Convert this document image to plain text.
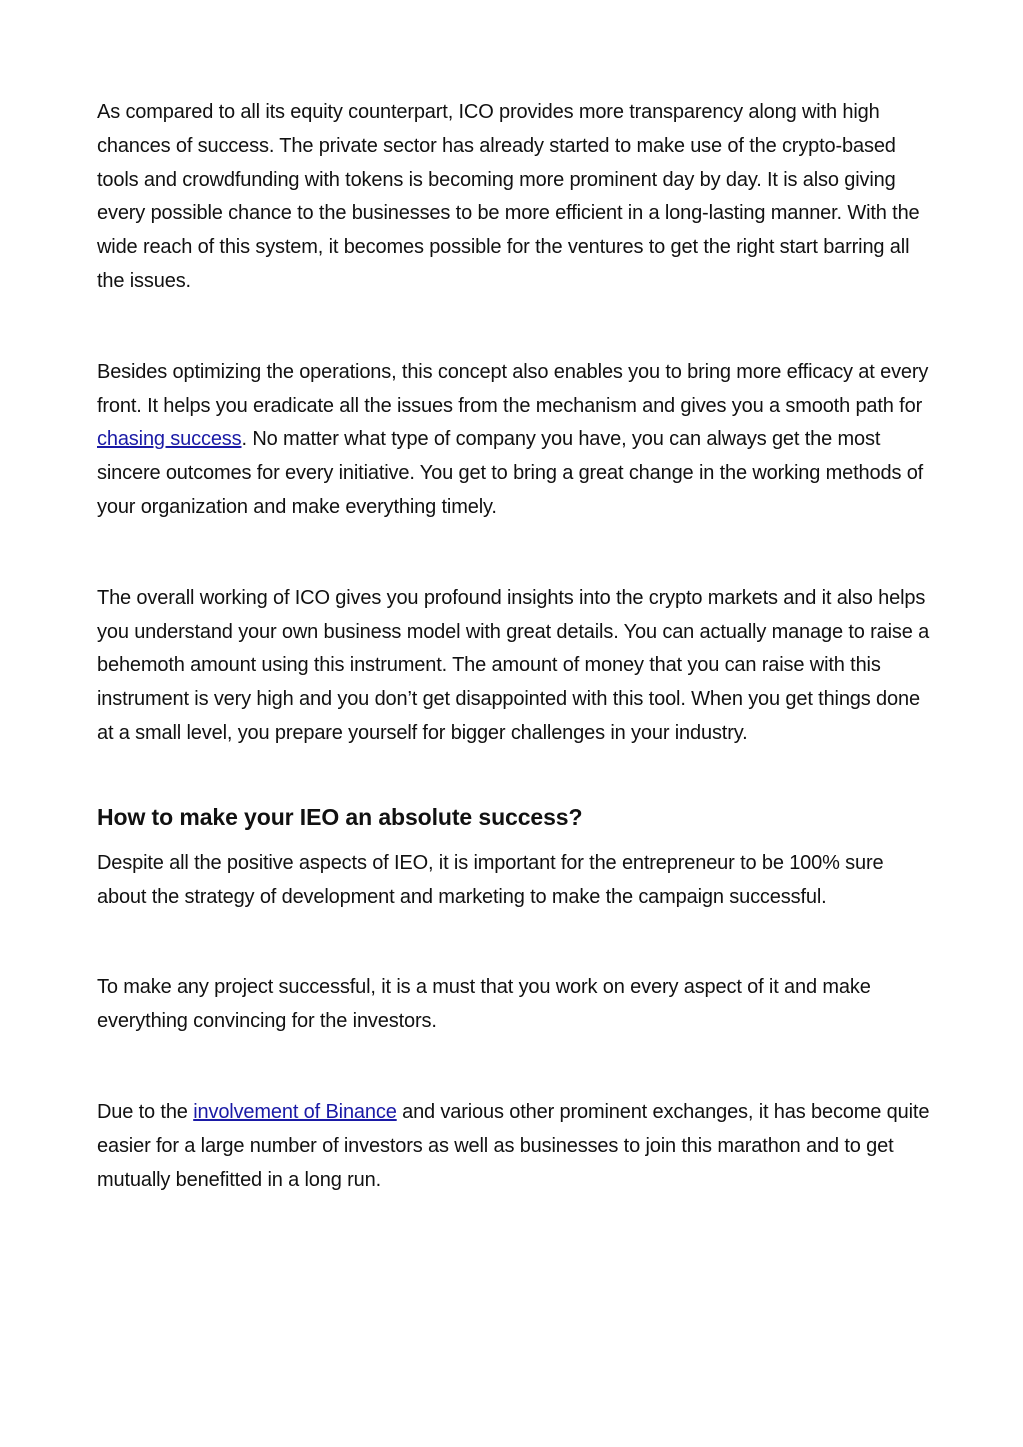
As compared to all its equity counterpart, ICO provides more transparency along with high chances of success. The private sector has already started to make use of the crypto-based tools and crowdfunding with tokens is becoming more prominent day by day. It is also giving every possible chance to the businesses to be more efficient in a long-lasting manner. With the wide reach of this system, it becomes possible for the ventures to get the right start barring all the issues.

Besides optimizing the operations, this concept also enables you to bring more efficacy at every front. It helps you eradicate all the issues from the mechanism and gives you a smooth path for chasing success. No matter what type of company you have, you can always get the most sincere outcomes for every initiative. You get to bring a great change in the working methods of your organization and make everything timely.

The overall working of ICO gives you profound insights into the crypto markets and it also helps you understand your own business model with great details. You can actually manage to raise a behemoth amount using this instrument. The amount of money that you can raise with this instrument is very high and you don’t get disappointed with this tool. When you get things done at a small level, you prepare yourself for bigger challenges in your industry.

How to make your IEO an absolute success?

Despite all the positive aspects of IEO, it is important for the entrepreneur to be 100% sure about the strategy of development and marketing to make the campaign successful.

To make any project successful, it is a must that you work on every aspect of it and make everything convincing for the investors.

Due to the involvement of Binance and various other prominent exchanges, it has become quite easier for a large number of investors as well as businesses to join this marathon and to get mutually benefitted in a long run.
